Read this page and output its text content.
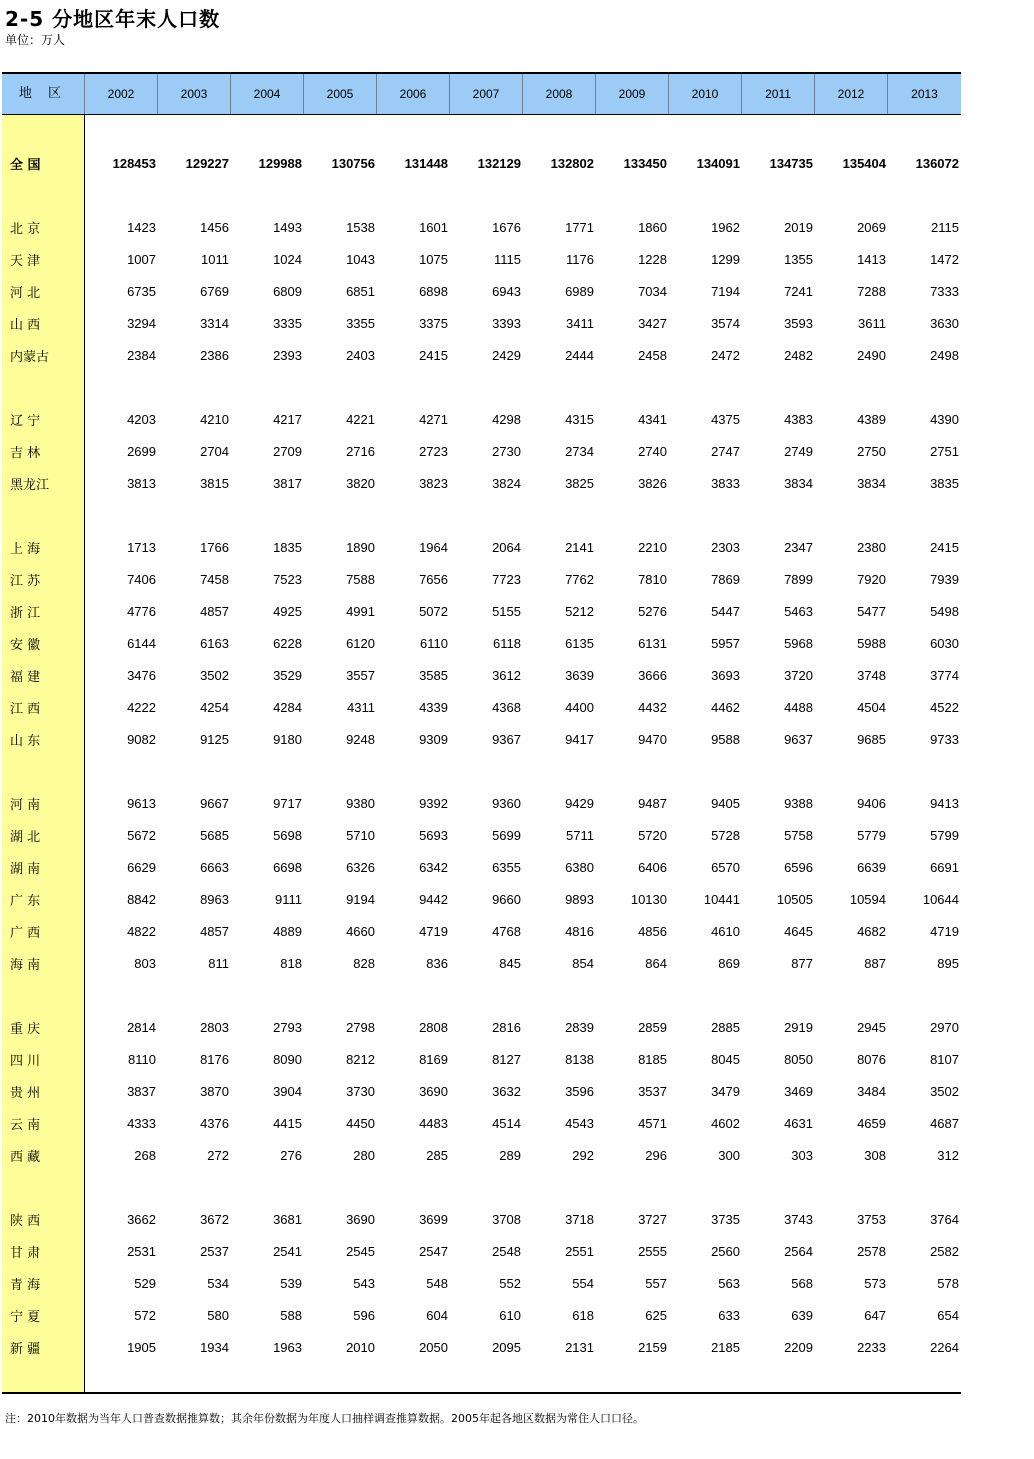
2-5 分地区年末人口数
单位：万人
地 区	2002	2003	2004	2005	2006	2007	2008	2009	2010	2011	2012	2013
全 国	128453	129227	129988	130756	131448	132129	132802	133450	134091	134735	135404	136072
北 京	1423	1456	1493	1538	1601	1676	1771	1860	1962	2019	2069	2115
天 津	1007	1011	1024	1043	1075	1115	1176	1228	1299	1355	1413	1472
河 北	6735	6769	6809	6851	6898	6943	6989	7034	7194	7241	7288	7333
山 西	3294	3314	3335	3355	3375	3393	3411	3427	3574	3593	3611	3630
内蒙古	2384	2386	2393	2403	2415	2429	2444	2458	2472	2482	2490	2498
辽 宁	4203	4210	4217	4221	4271	4298	4315	4341	4375	4383	4389	4390
吉 林	2699	2704	2709	2716	2723	2730	2734	2740	2747	2749	2750	2751
黑龙江	3813	3815	3817	3820	3823	3824	3825	3826	3833	3834	3834	3835
上 海	1713	1766	1835	1890	1964	2064	2141	2210	2303	2347	2380	2415
江 苏	7406	7458	7523	7588	7656	7723	7762	7810	7869	7899	7920	7939
浙 江	4776	4857	4925	4991	5072	5155	5212	5276	5447	5463	5477	5498
安 徽	6144	6163	6228	6120	6110	6118	6135	6131	5957	5968	5988	6030
福 建	3476	3502	3529	3557	3585	3612	3639	3666	3693	3720	3748	3774
江 西	4222	4254	4284	4311	4339	4368	4400	4432	4462	4488	4504	4522
山 东	9082	9125	9180	9248	9309	9367	9417	9470	9588	9637	9685	9733
河 南	9613	9667	9717	9380	9392	9360	9429	9487	9405	9388	9406	9413
湖 北	5672	5685	5698	5710	5693	5699	5711	5720	5728	5758	5779	5799
湖 南	6629	6663	6698	6326	6342	6355	6380	6406	6570	6596	6639	6691
广 东	8842	8963	9111	9194	9442	9660	9893	10130	10441	10505	10594	10644
广 西	4822	4857	4889	4660	4719	4768	4816	4856	4610	4645	4682	4719
海 南	803	811	818	828	836	845	854	864	869	877	887	895
重 庆	2814	2803	2793	2798	2808	2816	2839	2859	2885	2919	2945	2970
四 川	8110	8176	8090	8212	8169	8127	8138	8185	8045	8050	8076	8107
贵 州	3837	3870	3904	3730	3690	3632	3596	3537	3479	3469	3484	3502
云 南	4333	4376	4415	4450	4483	4514	4543	4571	4602	4631	4659	4687
西 藏	268	272	276	280	285	289	292	296	300	303	308	312
陕 西	3662	3672	3681	3690	3699	3708	3718	3727	3735	3743	3753	3764
甘 肃	2531	2537	2541	2545	2547	2548	2551	2555	2560	2564	2578	2582
青 海	529	534	539	543	548	552	554	557	563	568	573	578
宁 夏	572	580	588	596	604	610	618	625	633	639	647	654
新 疆	1905	1934	1963	2010	2050	2095	2131	2159	2185	2209	2233	2264
注：2010年数据为当年人口普查数据推算数；其余年份数据为年度人口抽样调查推算数据。2005年起各地区数据为常住人口口径。
